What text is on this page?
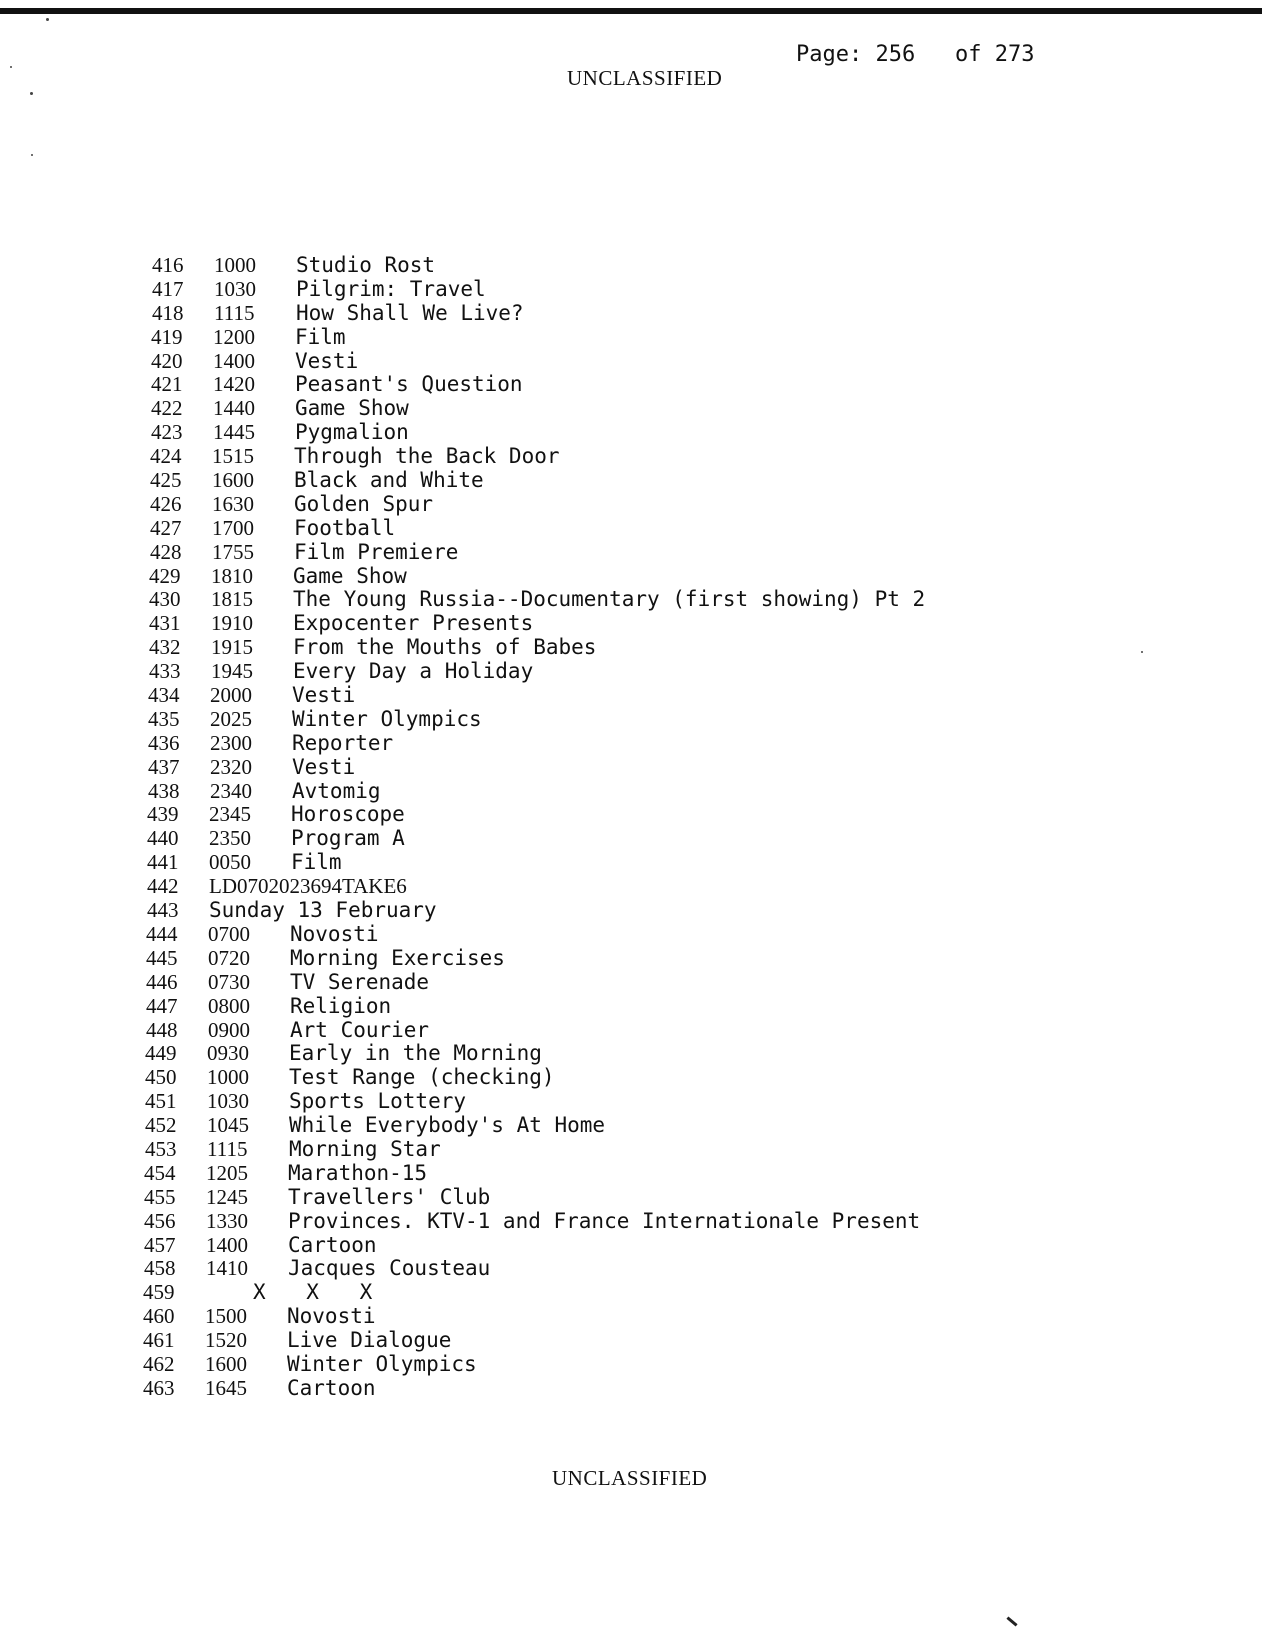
Page: 256 of 273
UNCLASSIFIED
416 1000 Studio Rost
417 1030 Pilgrim: Travel
418 1115 How Shall We Live?
419 1200 Film
420 1400 Vesti
421 1420 Peasant's Question
422 1440 Game Show
423 1445 Pygmalion
424 1515 Through the Back Door
425 1600 Black and White
426 1630 Golden Spur
427 1700 Football
428 1755 Film Premiere
429 1810 Game Show
430 1815 The Young Russia--Documentary (first showing) Pt 2
431 1910 Expocenter Presents
432 1915 From the Mouths of Babes
433 1945 Every Day a Holiday
434 2000 Vesti
435 2025 Winter Olympics
436 2300 Reporter
437 2320 Vesti
438 2340 Avtomig
439 2345 Horoscope
440 2350 Program A
441 0050 Film
442 LD0702023694TAKE6
443 Sunday 13 February
444 0700 Novosti
445 0720 Morning Exercises
446 0730 TV Serenade
447 0800 Religion
448 0900 Art Courier
449 0930 Early in the Morning
450 1000 Test Range (checking)
451 1030 Sports Lottery
452 1045 While Everybody's At Home
453 1115 Morning Star
454 1205 Marathon-15
455 1245 Travellers' Club
456 1330 Provinces. KTV-1 and France Internationale Present
457 1400 Cartoon
458 1410 Jacques Cousteau
459	X X X
460 1500 Novosti
461 1520 Live Dialogue
462 1600 Winter Olympics
463 1645 Cartoon
UNCLASSIFIED
